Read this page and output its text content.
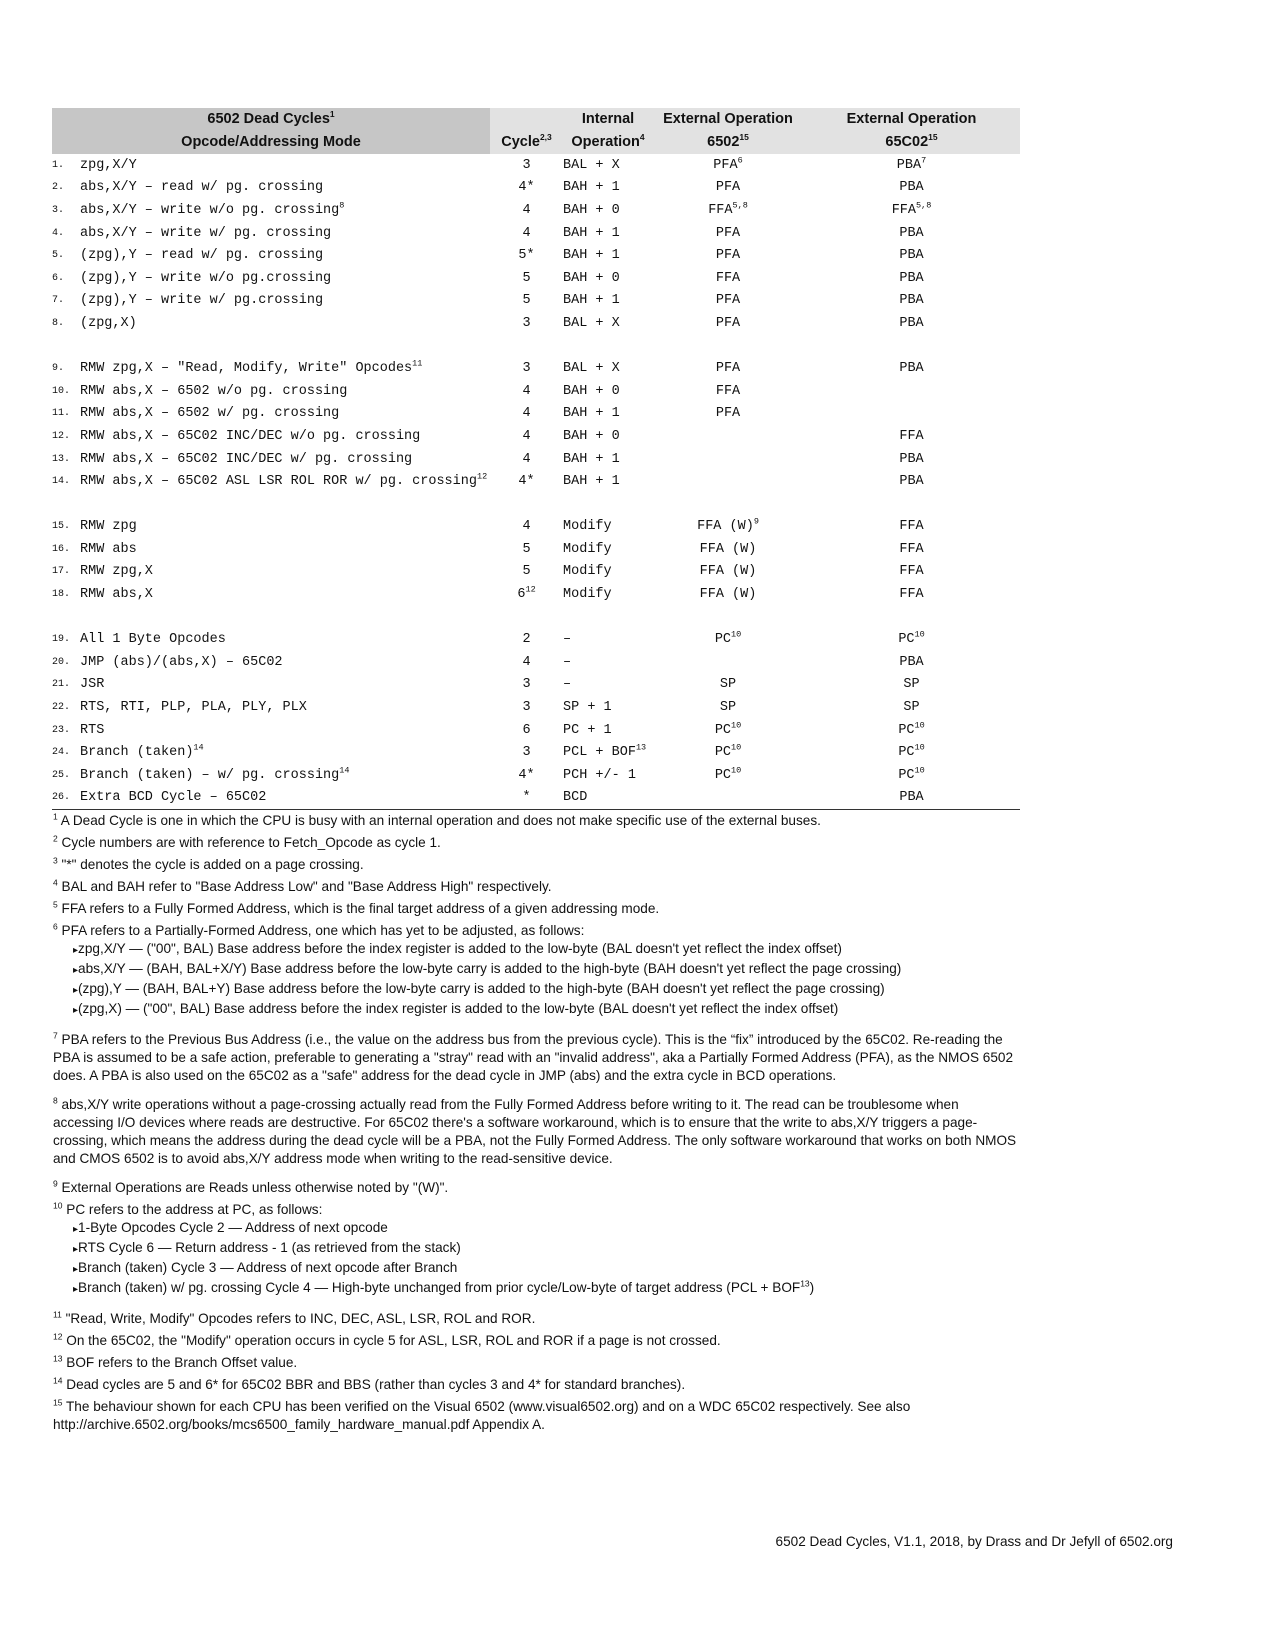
6502 Dead Cycles$^1$			Internal	External Operation	External Operation
Opcode/Addressing Mode		Cycle$^{2,3}$	Operation$^4$	6502$^{15}$	$65C02^{15}$
1.	zpg,X/Y	3	BAL + X	PFA$^6$	PBA$^7$
2.	abs,X/Y – read w/ pg. crossing	4*	BAH + 1	PFA	PBA
3.	abs,X/Y – write w/o pg. crossing$^8$	4	BAH + 0	FFA$^{5,8}$	FFA$^{5,8}$
4.	abs,X/Y – write w/ pg. crossing	4	BAH + 1	PFA	PBA
5.	(zpg),Y – read w/ pg. crossing	5*	BAH + 1	PFA	PBA
6.	(zpg),Y – write w/o pg.crossing	5	BAH + 0	FFA	PBA
7.	(zpg),Y – write w/ pg.crossing	5	BAH + 1	PFA	PBA
8.	(zpg,X)	3	BAL + X	PFA	PBA

9.	RMW zpg,X – "Read, Modify, Write" Opcodes$^{11}$	3	BAL + X	PFA	PBA
10.	RMW abs,X – 6502 w/o pg. crossing	4	BAH + 0	FFA	
11.	RMW abs,X – 6502 w/ pg. crossing	4	BAH + 1	PFA	
12.	RMW abs,X – 65C02 INC/DEC w/o pg. crossing	4	BAH + 0		FFA
13.	RMW abs,X – 65C02 INC/DEC w/ pg. crossing	4	BAH + 1		PBA
14.	RMW abs,X – 65C02 ASL LSR ROL ROR w/ pg. crossing$^{12}$	4*	BAH + 1		PBA

15.	RMW zpg	4	Modify	FFA $(W)^9$	FFA
16.	RMW abs	5	Modify	FFA (W)	FFA
17.	RMW zpg,X	5	Modify	FFA (W)	FFA
18.	RMW abs,X	$6^{12}$	Modify	FFA (W)	FFA

19.	All 1 Byte Opcodes	2	–	PC$^{10}$	PC$^{10}$
20.	JMP (abs)/(abs,X) – 65C02	4	–		PBA
21.	JSR	3	–	SP	SP
22.	RTS, RTI, PLP, PLA, PLY, PLX	3	SP + 1	SP	SP
23.	RTS	6	PC + 1	PC$^{10}$	PC$^{10}$
24.	Branch (taken)$^{14}$	3	PCL + $BOF^{13}$	PC$^{10}$	PC$^{10}$
25.	Branch (taken) – w/ pg. crossing$^{14}$	4*	PCH +/- 1	PC$^{10}$	PC$^{10}$
26.	Extra BCD Cycle – 65C02	*	BCD		PBA
$^1$ A Dead Cycle is one in which the CPU is busy with an internal operation and does not make specific use of the external buses.
$^2$ Cycle numbers are with reference to Fetch_Opcode as cycle 1.
$^3$ "*" denotes the cycle is added on a page crossing.
$^4$ BAL and BAH refer to "Base Address Low" and "Base Address High" respectively.
$^5$ FFA refers to a Fully Formed Address, which is the final target address of a given addressing mode.
$^6$ PFA refers to a Partially-Formed Address, one which has yet to be adjusted, as follows:
▸ zpg,X/Y — ("00", BAL) Base address before the index register is added to the low-byte (BAL doesn't yet reflect the index offset)
▸ abs,X/Y — (BAH, BAL+X/Y) Base address before the low-byte carry is added to the high-byte (BAH doesn't yet reflect the page crossing)
▸ (zpg),Y — (BAH, BAL+Y) Base address before the low-byte carry is added to the high-byte (BAH doesn't yet reflect the page crossing)
▸ (zpg,X) — ("00", BAL) Base address before the index register is added to the low-byte (BAL doesn't yet reflect the index offset)
$^7$ PBA refers to the Previous Bus Address (i.e., the value on the address bus from the previous cycle). This is the “fix” introduced by the 65C02. Re-reading the PBA is assumed to be a safe action, preferable to generating a "stray" read with an "invalid address", aka a Partially Formed Address (PFA), as the NMOS 6502 does. A PBA is also used on the 65C02 as a "safe" address for the dead cycle in JMP (abs) and the extra cycle in BCD operations.
$^8$ abs,X/Y write operations without a page-crossing actually read from the Fully Formed Address before writing to it. The read can be troublesome when accessing I/O devices where reads are destructive. For 65C02 there's a software workaround, which is to ensure that the write to abs,X/Y triggers a page-crossing, which means the address during the dead cycle will be a PBA, not the Fully Formed Address. The only software workaround that works on both NMOS and CMOS 6502 is to avoid abs,X/Y address mode when writing to the read-sensitive device.
$^9$ External Operations are Reads unless otherwise noted by "(W)".
$^{10}$ PC refers to the address at PC, as follows:
▸ 1-Byte Opcodes Cycle 2 — Address of next opcode
▸ RTS Cycle 6 — Return address - 1 (as retrieved from the stack)
▸ Branch (taken) Cycle 3 — Address of next opcode after Branch
▸ Branch (taken) w/ pg. crossing Cycle 4 — High-byte unchanged from prior cycle/Low-byte of target address $(PCL + BOF^{13})$
$^{11}$ "Read, Write, Modify" Opcodes refers to INC, DEC, ASL, LSR, ROL and ROR.
$^{12}$ On the 65C02, the "Modify" operation occurs in cycle 5 for ASL, LSR, ROL and ROR if a page is not crossed.
$^{13}$ BOF refers to the Branch Offset value.
$^{14}$ Dead cycles are 5 and 6* for 65C02 BBR and BBS (rather than cycles 3 and 4* for standard branches).
$^{15}$ The behaviour shown for each CPU has been verified on the Visual 6502 (www.visual6502.org) and on a WDC 65C02 respectively. See also http://archive.6502.org/books/mcs6500_family_hardware_manual.pdf Appendix A.
6502 Dead Cycles, V1.1, 2018, by Drass and Dr Jefyll of 6502.org
